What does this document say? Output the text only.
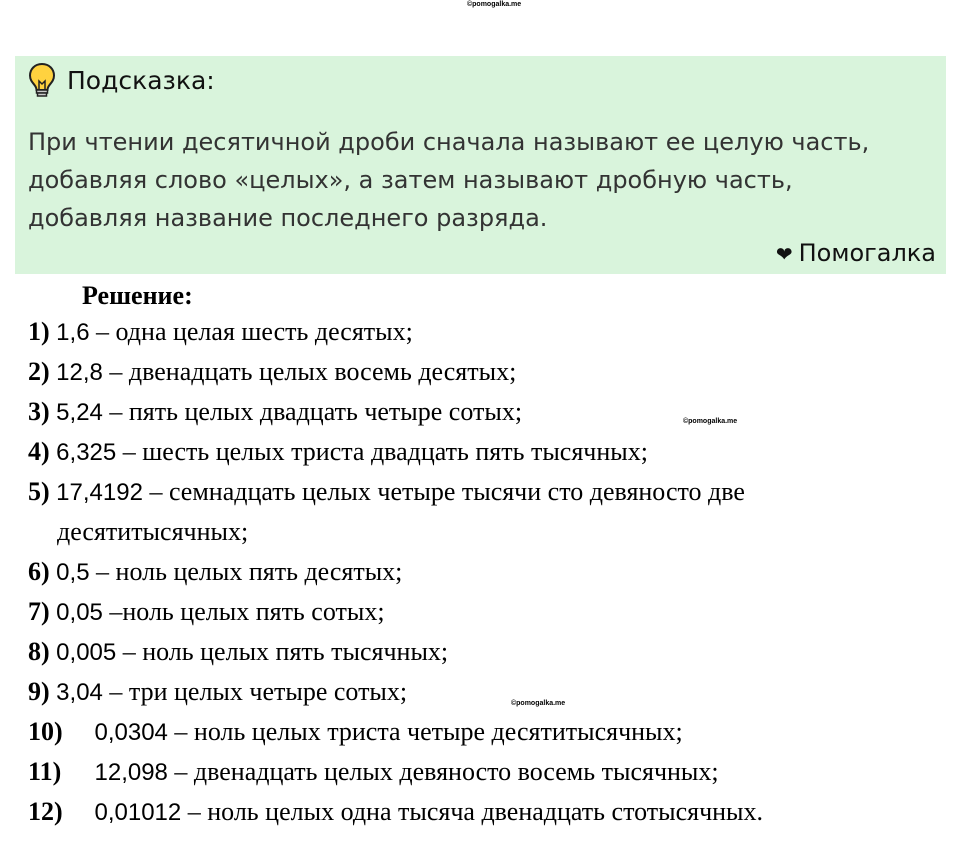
©pomogalka.me
Подсказка:
При чтении десятичной дроби сначала называют ее целую часть,
добавляя слово «целых», а затем называют дробную часть,
добавляя название последнего разряда.
❤ Помогалка
Решение:
1) 1,6 – одна целая шесть десятых;
2) 12,8 – двенадцать целых восемь десятых;
3) 5,24 – пять целых двадцать четыре сотых;	©pomogalka.me
4) 6,325 – шесть целых триста двадцать пять тысячных;
5) 17,4192 – семнадцать целых четыре тысячи сто девяносто две
десятитысячных;
6) 0,5 – ноль целых пять десятых;
7) 0,05 –ноль целых пять сотых;
8) 0,005 – ноль целых пять тысячных;
9) 3,04 – три целых четыре сотых;	©pomogalka.me
10) 0,0304 – ноль целых триста четыре десятитысячных;
11) 12,098 – двенадцать целых девяносто восемь тысячных;
12) 0,01012 – ноль целых одна тысяча двенадцать стотысячных.
